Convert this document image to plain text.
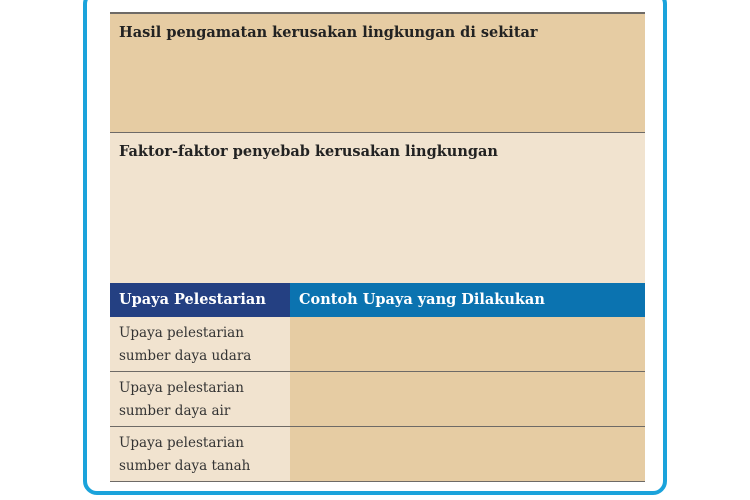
Hasil pengamatan kerusakan lingkungan di sekitar
Faktor-faktor penyebab kerusakan lingkungan
Upaya Pelestarian	Contoh Upaya yang Dilakukan
Upaya pelestarian
sumber daya udara
Upaya pelestarian
sumber daya air
Upaya pelestarian
sumber daya tanah
